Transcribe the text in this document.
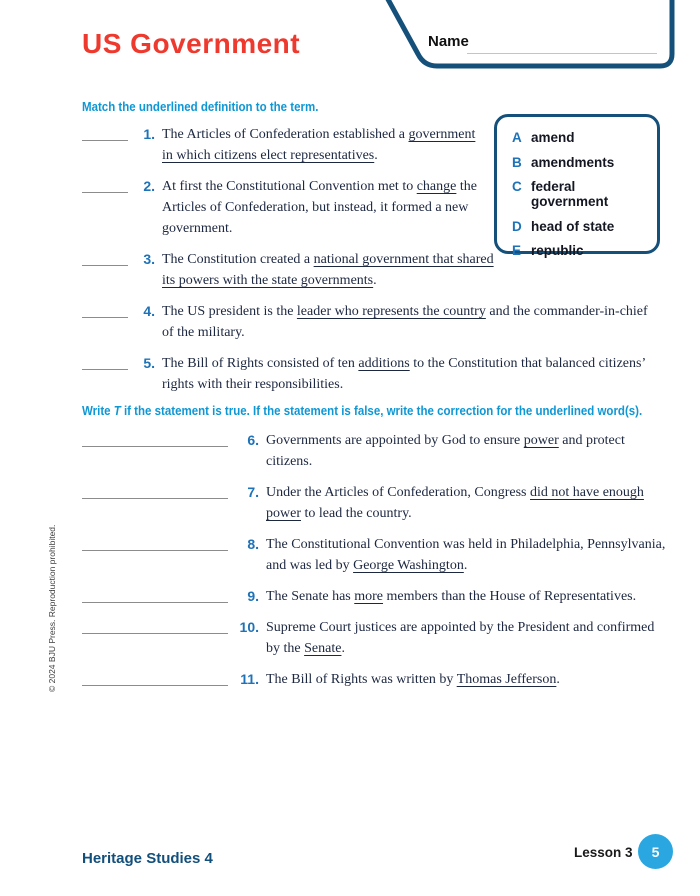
Name
US Government
Match the underlined definition to the term.
A amend
B amendments
C federal government
D head of state
E republic
1. The Articles of Confederation established a government in which citizens elect representatives.
2. At first the Constitutional Convention met to change the Articles of Confederation, but instead, it formed a new government.
3. The Constitution created a national government that shared its powers with the state governments.
4. The US president is the leader who represents the country and the commander-in-chief of the military.
5. The Bill of Rights consisted of ten additions to the Constitution that balanced citizens’ rights with their responsibilities.
Write T if the statement is true. If the statement is false, write the correction for the underlined word(s).
6. Governments are appointed by God to ensure power and protect citizens.
7. Under the Articles of Confederation, Congress did not have enough power to lead the country.
8. The Constitutional Convention was held in Philadelphia, Pennsylvania, and was led by George Washington.
9. The Senate has more members than the House of Representatives.
10. Supreme Court justices are appointed by the President and confirmed by the Senate.
11. The Bill of Rights was written by Thomas Jefferson.
© 2024 BJU Press. Reproduction prohibited.
Heritage Studies 4	Lesson 3	5
